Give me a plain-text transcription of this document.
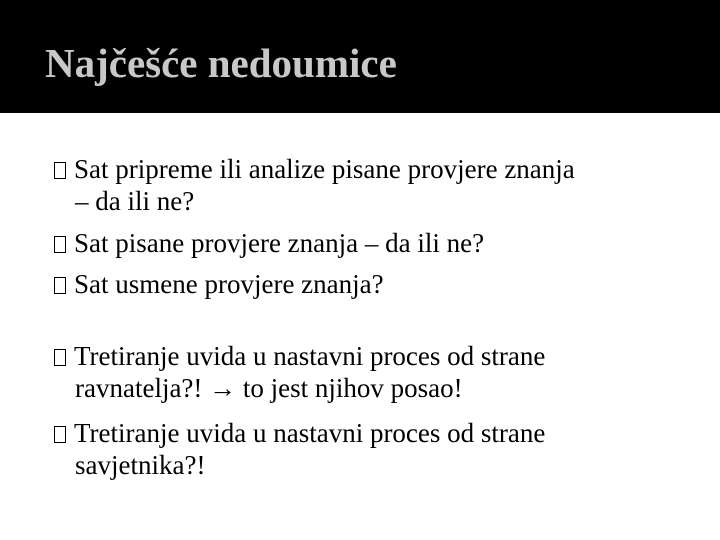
Najčešće nedoumice
Sat pripreme ili analize pisane provjere znanja
– da ili ne?
Sat pisane provjere znanja – da ili ne?
Sat usmene provjere znanja?
Tretiranje uvida u nastavni proces od strane
ravnatelja?! → to jest njihov posao!
Tretiranje uvida u nastavni proces od strane
savjetnika?!
